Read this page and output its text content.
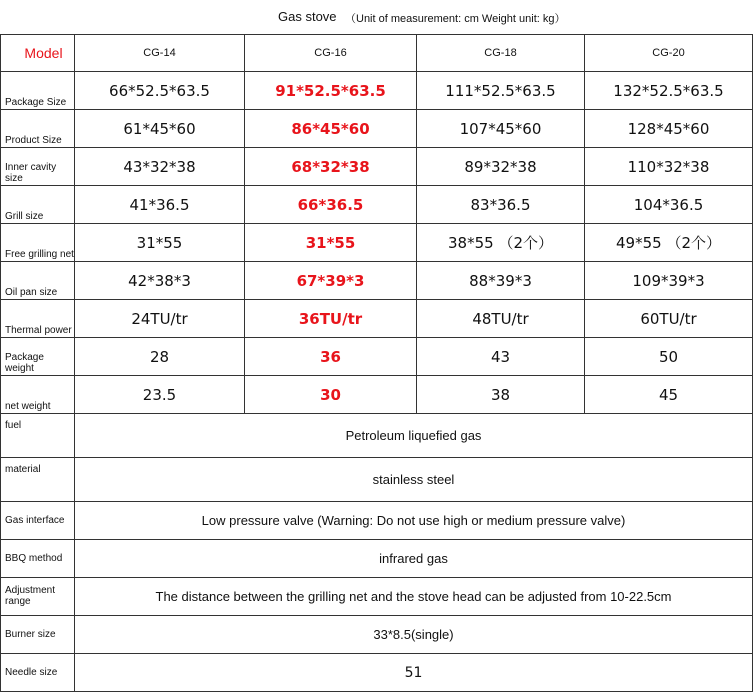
Gas stove （Unit of measurement: cm Weight unit: kg）
Model	CG-14	CG-16	CG-18	CG-20
Package Size	66*52.5*63.5	91*52.5*63.5	111*52.5*63.5	132*52.5*63.5
Product Size	61*45*60	86*45*60	107*45*60	128*45*60
Inner cavity size	43*32*38	68*32*38	89*32*38	110*32*38
Grill size	41*36.5	66*36.5	83*36.5	104*36.5
Free grilling net	31*55	31*55	38*55 （2个）	49*55 （2个）
Oil pan size	42*38*3	67*39*3	88*39*3	109*39*3
Thermal power	24TU/tr	36TU/tr	48TU/tr	60TU/tr
Package weight	28	36	43	50
net weight	23.5	30	38	45
fuel	Petroleum liquefied gas			
material	stainless steel			
Gas interface	Low pressure valve (Warning: Do not use high or medium pressure valve)			
BBQ method	infrared gas			
Adjustment range	The distance between the grilling net and the stove head can be adjusted from 10-22.5cm			
Burner size	33*8.5(single)			
Needle size	51			
